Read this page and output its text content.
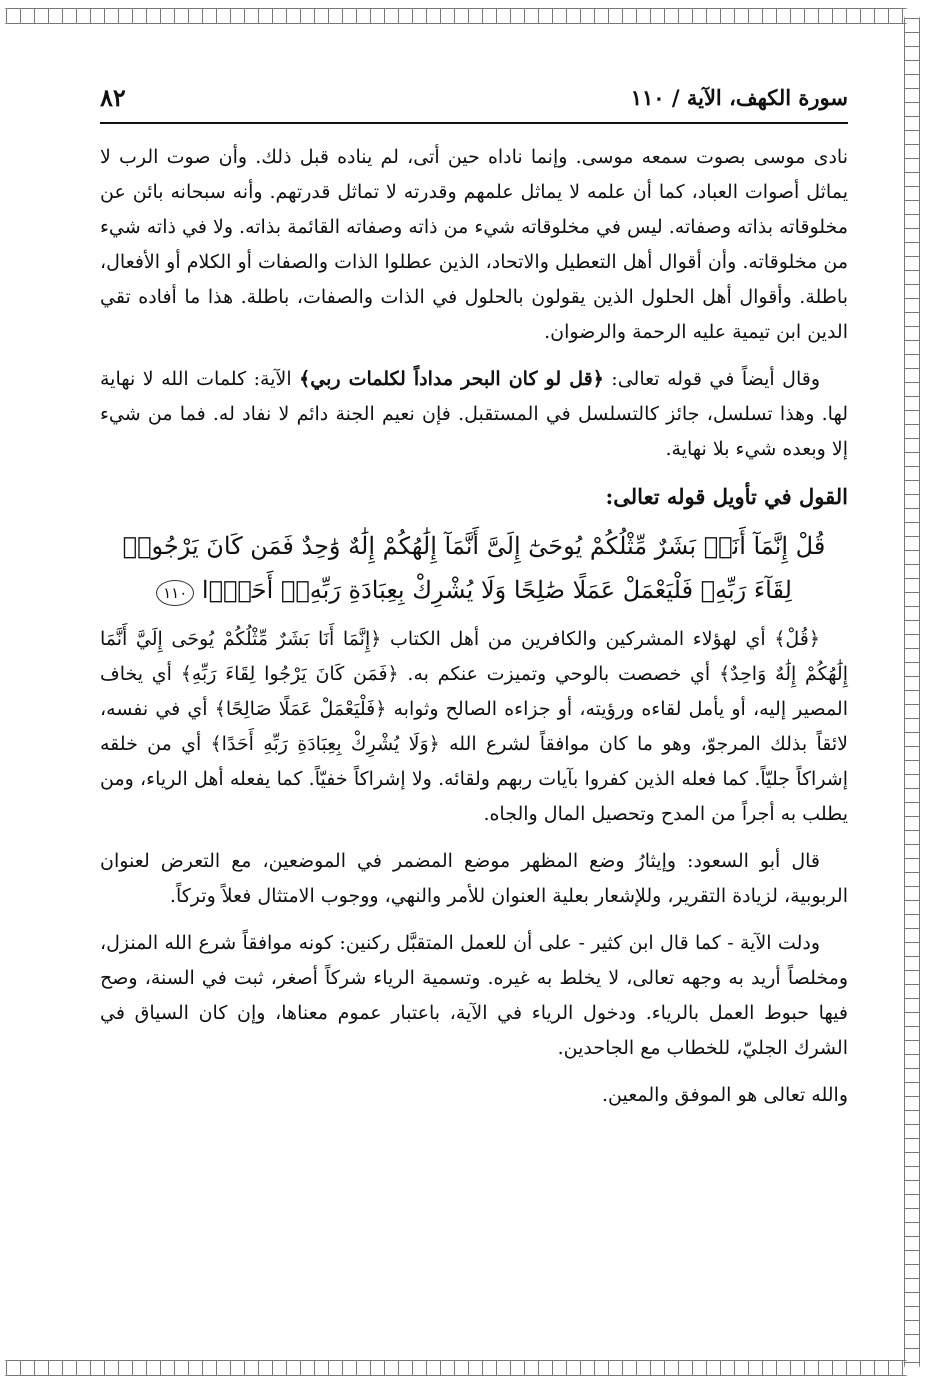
سورة الكهف، الآية / ١١٠
٨٢

نادى موسى بصوت سمعه موسى. وإنما ناداه حين أتى، لم يناده قبل ذلك. وأن صوت الرب لا يماثل أصوات العباد، كما أن علمه لا يماثل علمهم وقدرته لا تماثل قدرتهم. وأنه سبحانه بائن عن مخلوقاته بذاته وصفاته. ليس في مخلوقاته شيء من ذاته وصفاته القائمة بذاته. ولا في ذاته شيء من مخلوقاته. وأن أقوال أهل التعطيل والاتحاد، الذين عطلوا الذات والصفات أو الكلام أو الأفعال، باطلة. وأقوال أهل الحلول الذين يقولون بالحلول في الذات والصفات، باطلة. هذا ما أفاده تقي الدين ابن تيمية عليه الرحمة والرضوان.

وقال أيضاً في قوله تعالى: ﴿قل لو كان البحر مداداً لكلمات ربي﴾ الآية: كلمات الله لا نهاية لها. وهذا تسلسل، جائز كالتسلسل في المستقبل. فإن نعيم الجنة دائم لا نفاد له. فما من شيء إلا وبعده شيء بلا نهاية.

القول في تأويل قوله تعالى:
قُلْ إِنَّمَآ أَنَا۠ بَشَرٌ مِّثْلُكُمْ يُوحَىٰٓ إِلَىَّ أَنَّمَآ إِلَٰهُكُمْ إِلَٰهٌ وَٰحِدٌ فَمَن كَانَ يَرْجُوا۟ لِقَآءَ رَبِّهِۦ فَلْيَعْمَلْ عَمَلًا صَٰلِحًا وَلَا يُشْرِكْ بِعِبَادَةِ رَبِّهِۦٓ أَحَدًۢا ١١٠

﴿قُلْ﴾ أي لهؤلاء المشركين والكافرين من أهل الكتاب ﴿إِنَّمَا أَنَا بَشَرٌ مِّثْلُكُمْ يُوحَى إِلَيَّ أَنَّمَا إِلَٰهُكُمْ إِلَٰهٌ وَاحِدٌ﴾ أي خصصت بالوحي وتميزت عنكم به. ﴿فَمَن كَانَ يَرْجُوا لِقَاءَ رَبِّهِ﴾ أي يخاف المصير إليه، أو يأمل لقاءه ورؤيته، أو جزاءه الصالح وثوابه ﴿فَلْيَعْمَلْ عَمَلًا صَالِحًا﴾ أي في نفسه، لائقاً بذلك المرجوّ، وهو ما كان موافقاً لشرع الله ﴿وَلَا يُشْرِكْ بِعِبَادَةِ رَبِّهِ أَحَدًا﴾ أي من خلقه إشراكاً جليّاً. كما فعله الذين كفروا بآيات ربهم ولقائه. ولا إشراكاً خفيّاً. كما يفعله أهل الرياء، ومن يطلب به أجراً من المدح وتحصيل المال والجاه.

قال أبو السعود: وإيثارُ وضع المظهر موضع المضمر في الموضعين، مع التعرض لعنوان الربوبية، لزيادة التقرير، وللإشعار بعلية العنوان للأمر والنهي، ووجوب الامتثال فعلاً وتركاً.

ودلت الآية - كما قال ابن كثير - على أن للعمل المتقبَّل ركنين: كونه موافقاً شرع الله المنزل، ومخلصاً أريد به وجهه تعالى، لا يخلط به غيره. وتسمية الرياء شركاً أصغر، ثبت في السنة، وصح فيها حبوط العمل بالرياء. ودخول الرياء في الآية، باعتبار عموم معناها، وإن كان السياق في الشرك الجليّ، للخطاب مع الجاحدين.

والله تعالى هو الموفق والمعين.
